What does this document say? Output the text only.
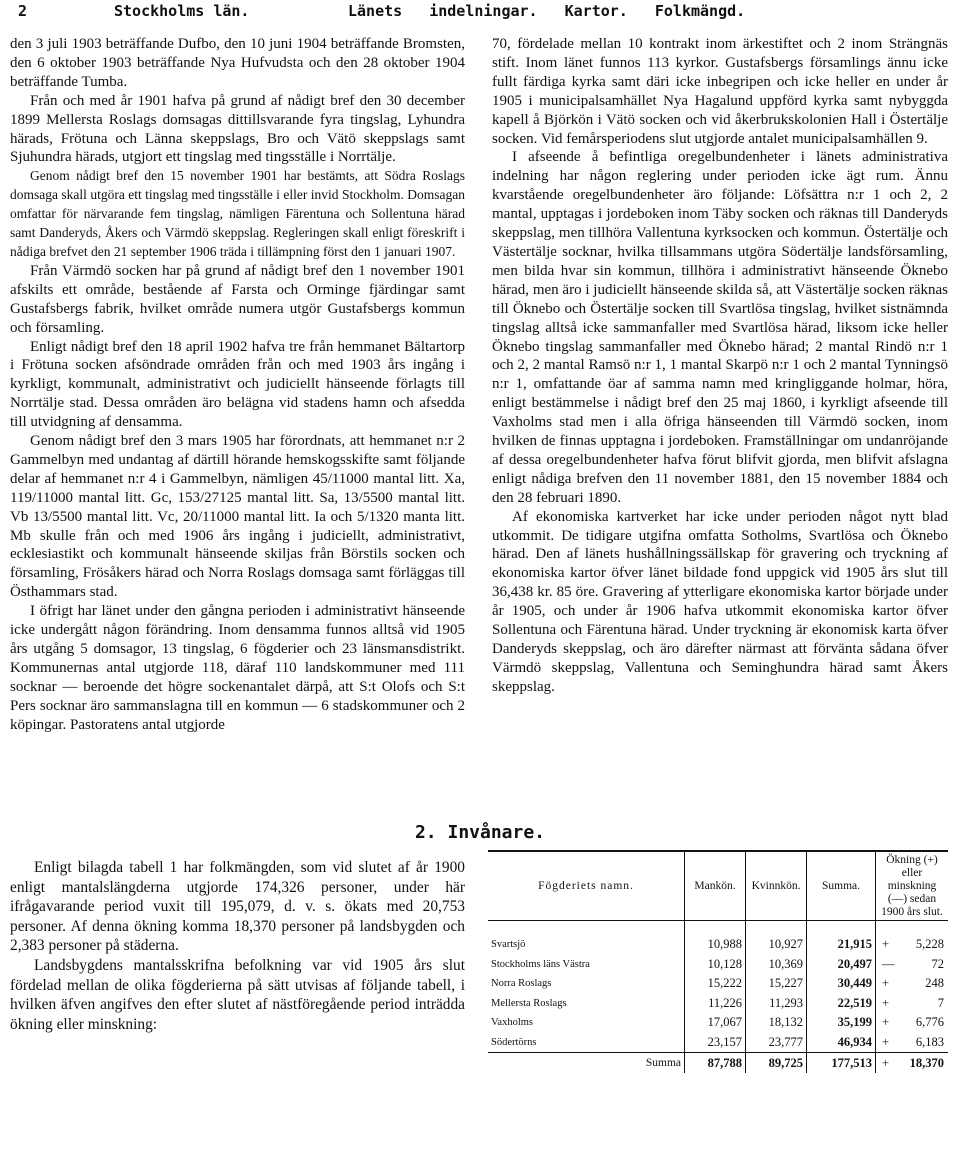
2	Stockholms län.	Länets indelningar. Kartor. Folkmängd.

den 3 juli 1903 beträffande Dufbo, den 10 juni 1904 beträffande Bromsten, den 6 oktober 1903 beträffande Nya Hufvudsta och den 28 oktober 1904 beträffande Tumba.

Från och med år 1901 hafva på grund af nådigt bref den 30 december 1899 Mellersta Roslags domsagas dittillsvarande fyra tingslag, Lyhundra härads, Frötuna och Länna skeppslags, Bro och Vätö skeppslags samt Sjuhundra härads, utgjort ett tingslag med tingsställe i Norrtälje.

Genom nådigt bref den 15 november 1901 har bestämts, att Södra Roslags domsaga skall utgöra ett tingslag med tingsställe i eller invid Stockholm. Domsagan omfattar för närvarande fem tingslag, nämligen Färentuna och Sollentuna härad samt Danderyds, Åkers och Värmdö skeppslag. Regleringen skall enligt föreskrift i nådiga brefvet den 21 september 1906 träda i tillämpning först den 1 januari 1907.

Från Värmdö socken har på grund af nådigt bref den 1 november 1901 afskilts ett område, bestående af Farsta och Orminge fjärdingar samt Gustafsbergs fabrik, hvilket område numera utgör Gustafsbergs kommun och församling.

Enligt nådigt bref den 18 april 1902 hafva tre från hemmanet Bältartorp i Frötuna socken afsöndrade områden från och med 1903 års ingång i kyrkligt, kommunalt, administrativt och judiciellt hänseende förlagts till Norrtälje stad. Dessa områden äro belägna vid stadens hamn och afsedda till utvidgning af densamma.

Genom nådigt bref den 3 mars 1905 har förordnats, att hemmanet n:r 2 Gammelbyn med undantag af därtill hörande hemskogsskifte samt följande delar af hemmanet n:r 4 i Gammelbyn, nämligen 45/11000 mantal litt. Xa, 119/11000 mantal litt. Gc, 153/27125 mantal litt. Sa, 13/5500 mantal litt. Vb 13/5500 mantal litt. Vc, 20/11000 mantal litt. Ia och 5/1320 manta litt. Mb skulle från och med 1906 års ingång i judiciellt, administrativt, ecklesiastikt och kommunalt hänseende skiljas från Börstils socken och församling, Frösåkers härad och Norra Roslags domsaga samt förläggas till Östhammars stad.

I öfrigt har länet under den gångna perioden i administrativt hänseende icke undergått någon förändring. Inom densamma funnos alltså vid 1905 års utgång 5 domsagor, 13 tingslag, 6 fögderier och 23 länsmansdistrikt. Kommunernas antal utgjorde 118, däraf 110 landskommuner med 111 socknar — beroende det högre sockenantalet därpå, att S:t Olofs och S:t Pers socknar äro sammanslagna till en kommun — 6 stadskommuner och 2 köpingar. Pastoratens antal utgjorde

70, fördelade mellan 10 kontrakt inom ärkestiftet och 2 inom Strängnäs stift. Inom länet funnos 113 kyrkor. Gustafsbergs församlings ännu icke fullt färdiga kyrka samt däri icke inbegripen och icke heller en under år 1905 i municipalsamhället Nya Hagalund uppförd kyrka samt nybyggda kapell å Björkön i Vätö socken och vid åkerbrukskolonien Hall i Östertälje socken. Vid femårsperiodens slut utgjorde antalet municipalsamhällen 9.

I afseende å befintliga oregelbundenheter i länets administrativa indelning har någon reglering under perioden icke ägt rum. Ännu kvarstående oregelbundenheter äro följande: Löfsättra n:r 1 och 2, 2 mantal, upptagas i jordeboken inom Täby socken och räknas till Danderyds skeppslag, men tillhöra Vallentuna kyrksocken och kommun. Östertälje och Västertälje socknar, hvilka tillsammans utgöra Södertälje landsförsamling, men bilda hvar sin kommun, tillhöra i administrativt hänseende Öknebo härad, men äro i judiciellt hänseende skilda så, att Västertälje socken räknas till Öknebo och Östertälje socken till Svartlösa tingslag, hvilket sistnämnda tingslag alltså icke sammanfaller med Svartlösa härad, liksom icke heller Öknebo tingslag sammanfaller med Öknebo härad; 2 mantal Rindö n:r 1 och 2, 2 mantal Ramsö n:r 1, 1 mantal Skarpö n:r 1 och 2 mantal Tynningsö n:r 1, omfattande öar af samma namn med kringliggande holmar, höra, enligt bestämmelse i nådigt bref den 25 maj 1860, i kyrkligt afseende till Vaxholms stad men i alla öfriga hänseenden till Värmdö socken, inom hvilken de finnas upptagna i jordeboken. Framställningar om undanröjande af dessa oregelbundenheter hafva förut blifvit gjorda, men blifvit afslagna enligt nådiga brefven den 11 november 1881, den 15 november 1884 och den 28 februari 1890.

Af ekonomiska kartverket har icke under perioden något nytt blad utkommit. De tidigare utgifna omfatta Sotholms, Svartlösa och Öknebo härad. Den af länets hushållningssällskap för gravering och tryckning af ekonomiska kartor öfver länet bildade fond uppgick vid 1905 års slut till 36,438 kr. 85 öre. Gravering af ytterligare ekonomiska kartor började under år 1905, och under år 1906 hafva utkommit ekonomiska kartor öfver Sollentuna och Färentuna härad. Under tryckning är ekonomisk karta öfver Danderyds skeppslag, och äro därefter närmast att förvänta sådana öfver Värmdö skeppslag, Vallentuna och Seminghundra härad samt Åkers skeppslag.

2. Invånare.

Enligt bilagda tabell 1 har folkmängden, som vid slutet af år 1900 enligt mantalslängderna utgjorde 174,326 personer, under här ifrågavarande period vuxit till 195,079, d. v. s. ökats med 20,753 personer. Af denna ökning komma 18,370 personer på landsbygden och 2,383 personer på städerna.

Landsbygdens mantalsskrifna befolkning var vid 1905 års slut fördelad mellan de olika fögderierna på sätt utvisas af följande tabell, i hvilken äfven angifves den efter slutet af nästföregående period inträdda ökning eller minskning:

Fögderiets namn.	Mankön.	Kvinnkön.	Summa.	Ökning (+) eller minskning (—) sedan 1900 års slut.	

Svartsjö	10,988	10,927	21,915	+	5,228
Stockholms läns Västra	10,128	10,369	20,497	—	72
Norra Roslags	15,222	15,227	30,449	+	248
Mellersta Roslags	11,226	11,293	22,519	+	7
Vaxholms	17,067	18,132	35,199	+	6,776
Södertörns	23,157	23,777	46,934	+	6,183
Summa	87,788	89,725	177,513	+	18,370
